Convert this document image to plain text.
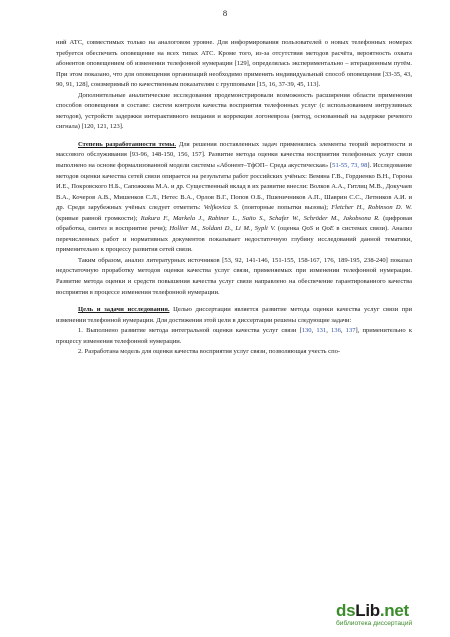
8

ний АТС, совместимых только на аналоговом уровне. Для информирования пользователей о новых телефонных номерах требуется обеспечить оповещение на всех типах АТС. Кроме того, из-за отсутствия методов расчёта, вероятность охвата абонентов оповещением об изменении телефонной нумерации [129], определялась экспериментально – итерационным путём. При этом показано, что для оповещения организаций необходимо применять индивидуальный способ оповещения [33-35, 43, 90, 91, 128], соизмеримый по качественным показателям с групповыми [15, 16, 37-39, 45, 113].

Дополнительные аналитические исследования продемонстрировали возможность расширения области применения способов оповещения в составе: систем контроля качества восприятия телефонных услуг (с использованием интрузивных методов), устройств задержки интерактивного вещания и коррекции логоневроза (метод, основанный на задержке речевого сигнала) [120, 121, 123].

Степень разработанности темы. Для решения поставленных задач применялись элементы теорий вероятности и массового обслуживания [93-96, 148-150, 156, 157]. Развитие метода оценки качества восприятия телефонных услуг связи выполнено на основе формализованной модели системы «Абонент–ТфОП– Среда акустическая» [51-55, 73, 98]. Исследование методов оценки качества сетей связи опирается на результаты работ российских учёных: Вемяна Г.В., Гордиенко В.Н., Горона И.Е., Покровского Н.Б., Сапожкова М.А. и др. Существенный вклад в их развитие внесли: Волков А.А., Гитлиц М.В., Докучаев В.А., Кочеров А.В., Мишенков С.Л., Нетес В.А., Орлов В.Г., Попов О.Б., Пшеничников А.П., Шаврин С.С., Летников А.И. и др. Среди зарубежных учёных следует отметить: Veljkovica S. (повторные попытки вызова); Fletcher H., Robinson D. W. (кривые равной громкости); Itakura F., Markela J., Rabiner L., Saito S., Schafer W., Schröder M., Jakobsona R. (цифровая обработка, синтез и восприятие речи); Hollier M., Soldani D., Li M., Sypli V. (оценка QoS и QoE в системах связи). Анализ перечисленных работ и нормативных документов показывает недостаточную глубину исследований данной тематики, применительно к процессу развития сетей связи.

Таким образом, анализ литературных источников [53, 92, 141-146, 151-155, 158-167, 176, 189-195, 238-240] показал недостаточную проработку методов оценки качества услуг связи, применяемых при изменении телефонной нумерации. Развитие метода оценки и средств повышения качества услуг связи направлено на обеспечение гарантированного качества восприятия в процессе изменения телефонной нумерации.

Цель и задачи исследования. Целью диссертации является развитие метода оценки качества услуг связи при изменении телефонной нумерации. Для достижения этой цели в диссертации решены следующие задачи:

1. Выполнено развитие метода интегральной оценки качества услуг связи [130, 131, 136, 137], применительно к процессу изменения телефонной нумерации.

2. Разработана модель для оценки качества восприятия услуг связи, позволяющая учесть спо-

dsLib.net
библиотека диссертаций
